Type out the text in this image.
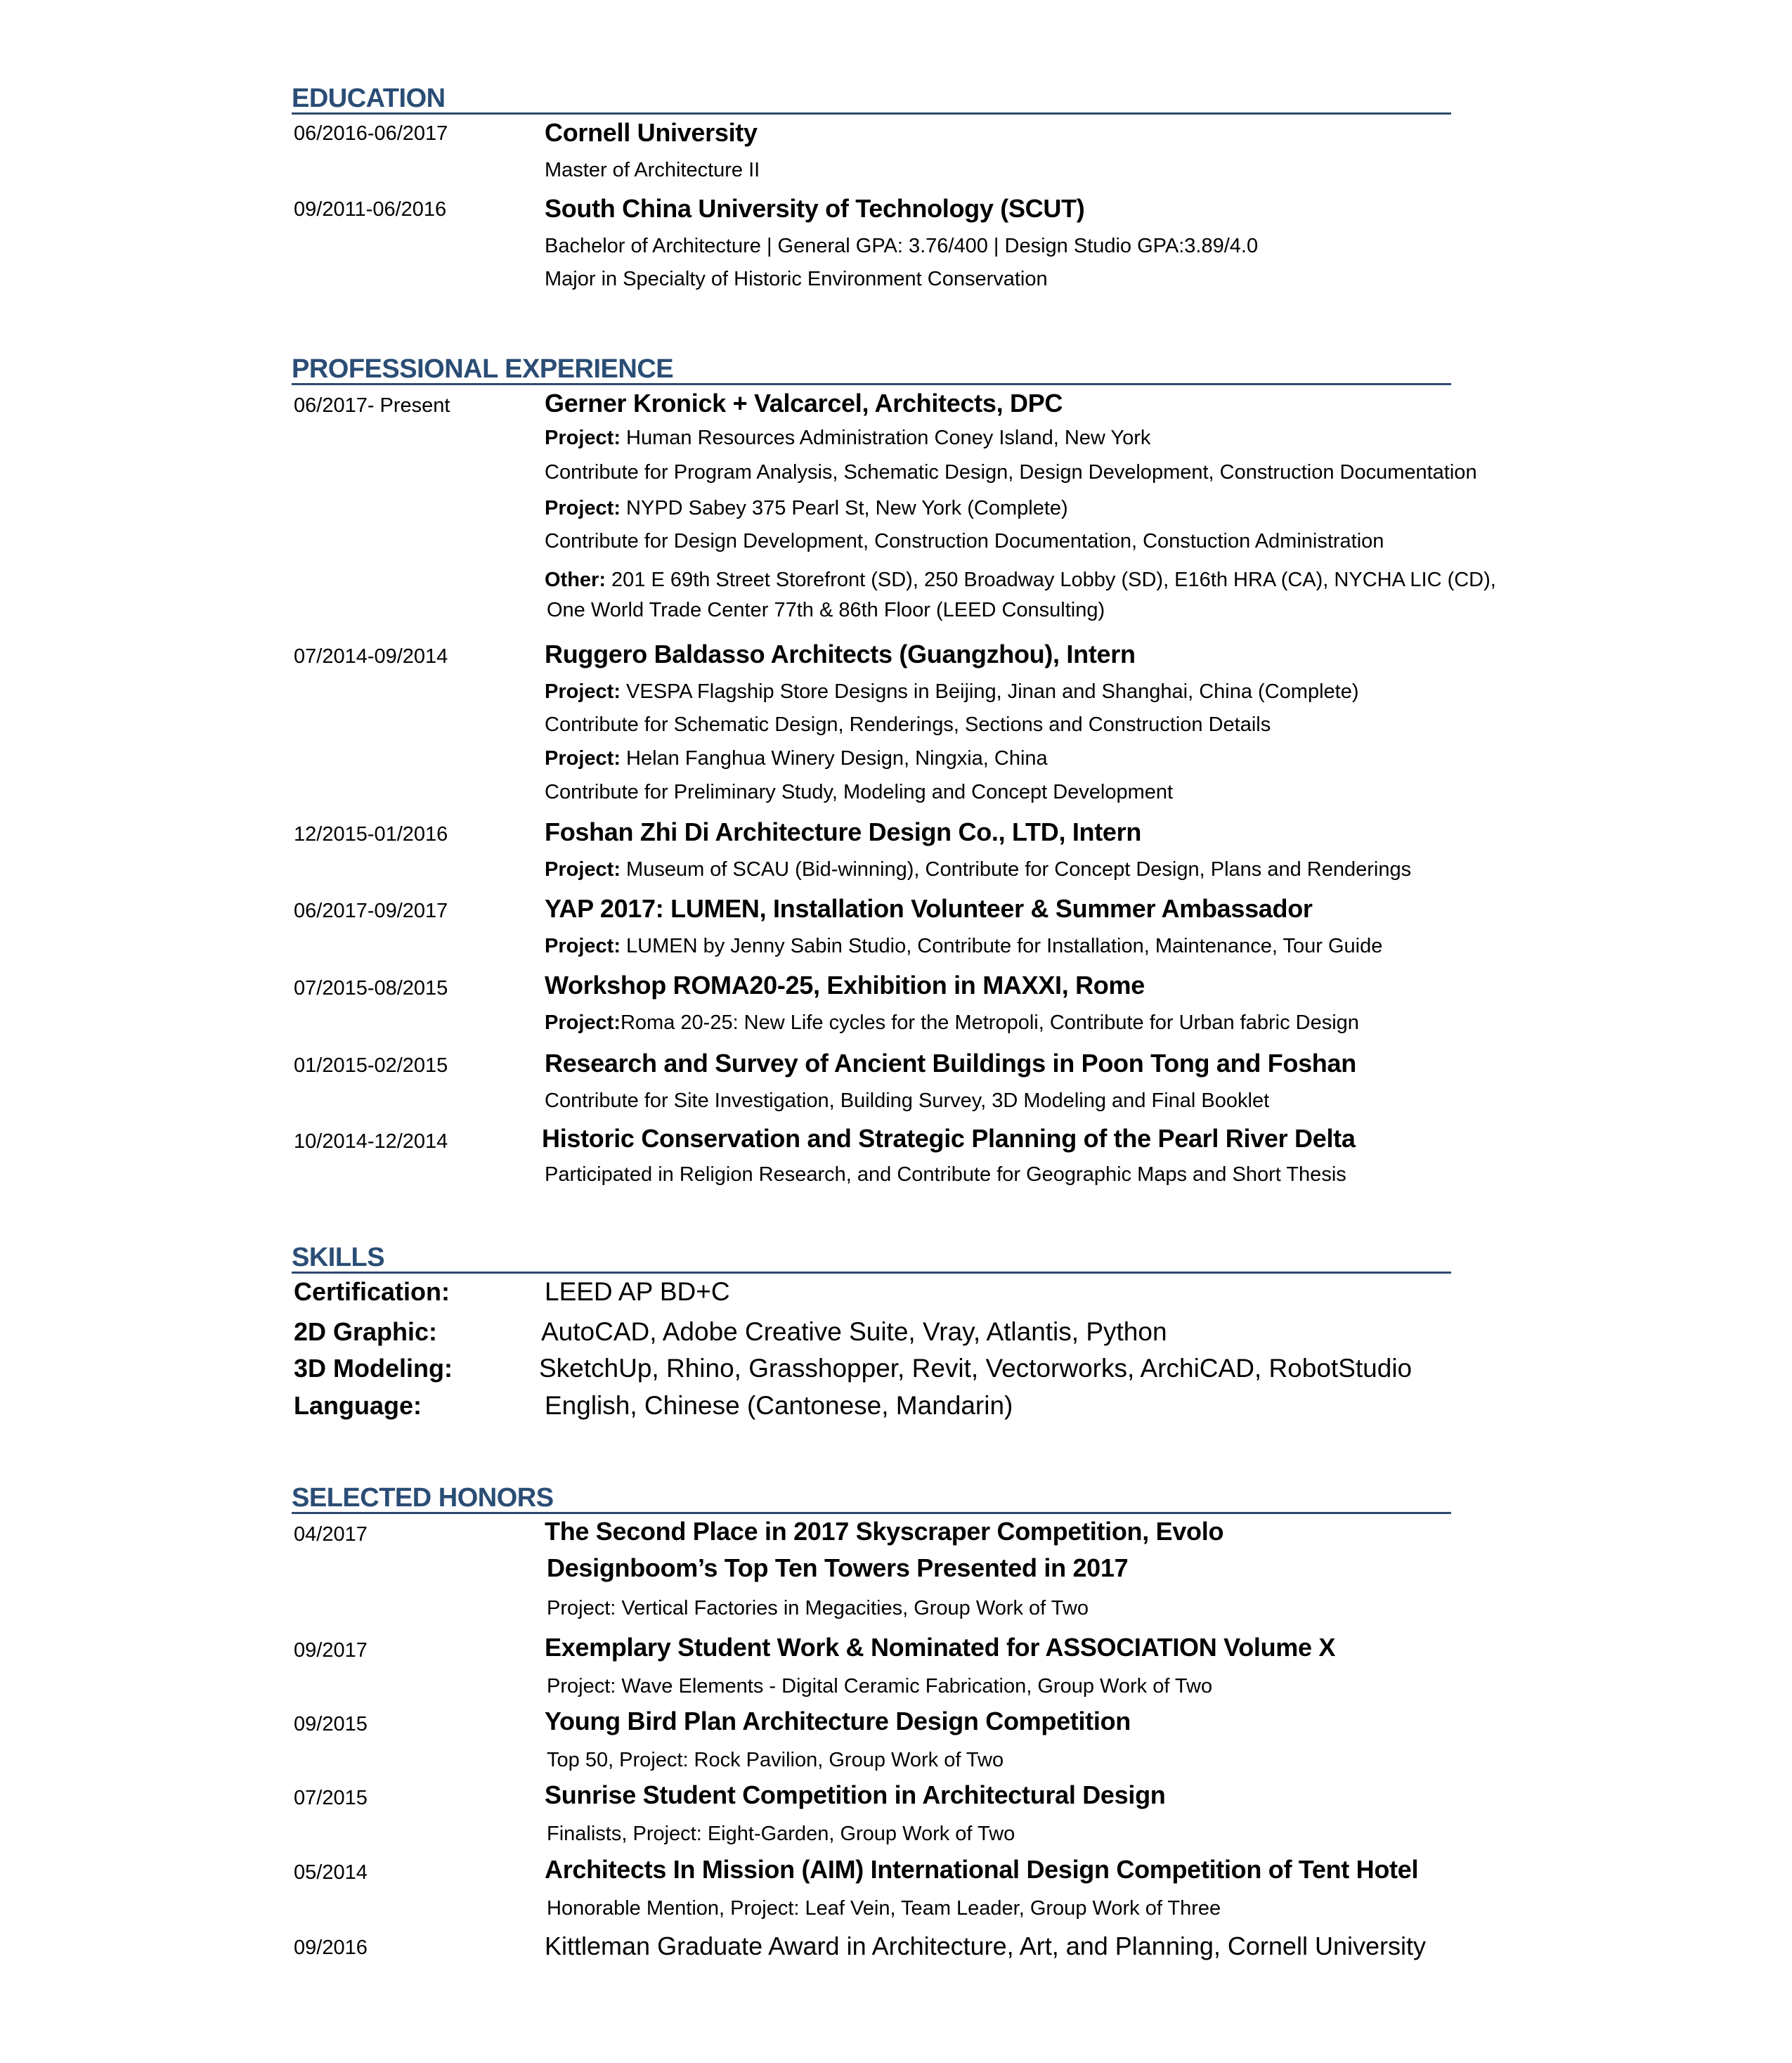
EDUCATION
06/2016-06/2017	Cornell University
Master of Architecture II
09/2011-06/2016	South China University of Technology (SCUT)
Bachelor of Architecture | General GPA: 3.76/400 | Design Studio GPA:3.89/4.0
Major in Specialty of Historic Environment Conservation
PROFESSIONAL EXPERIENCE
06/2017- Present	Gerner Kronick + Valcarcel, Architects, DPC
Project: Human Resources Administration Coney Island, New York
Contribute for Program Analysis, Schematic Design, Design Development, Construction Documentation
Project: NYPD Sabey 375 Pearl St, New York (Complete)
Contribute for Design Development, Construction Documentation, Constuction Administration
Other: 201 E 69th Street Storefront (SD), 250 Broadway Lobby (SD), E16th HRA (CA), NYCHA LIC (CD),
One World Trade Center 77th & 86th Floor (LEED Consulting)
07/2014-09/2014	Ruggero Baldasso Architects (Guangzhou), Intern
Project: VESPA Flagship Store Designs in Beijing, Jinan and Shanghai, China (Complete)
Contribute for Schematic Design, Renderings, Sections and Construction Details
Project: Helan Fanghua Winery Design, Ningxia, China
Contribute for Preliminary Study, Modeling and Concept Development
12/2015-01/2016	Foshan Zhi Di Architecture Design Co., LTD, Intern
Project: Museum of SCAU (Bid-winning), Contribute for Concept Design, Plans and Renderings
06/2017-09/2017	YAP 2017: LUMEN, Installation Volunteer & Summer Ambassador
Project: LUMEN by Jenny Sabin Studio, Contribute for Installation, Maintenance, Tour Guide
07/2015-08/2015	Workshop ROMA20-25, Exhibition in MAXXI, Rome
Project:Roma 20-25: New Life cycles for the Metropoli, Contribute for Urban fabric Design
01/2015-02/2015	Research and Survey of Ancient Buildings in Poon Tong and Foshan
Contribute for Site Investigation, Building Survey, 3D Modeling and Final Booklet
10/2014-12/2014	Historic Conservation and Strategic Planning of the Pearl River Delta
Participated in Religion Research, and Contribute for Geographic Maps and Short Thesis
SKILLS
Certification:	LEED AP BD+C
2D Graphic:	AutoCAD, Adobe Creative Suite, Vray, Atlantis, Python
3D Modeling:	SketchUp, Rhino, Grasshopper, Revit, Vectorworks, ArchiCAD, RobotStudio
Language:	English, Chinese (Cantonese, Mandarin)
SELECTED HONORS
04/2017	The Second Place in 2017 Skyscraper Competition, Evolo
Designboom’s Top Ten Towers Presented in 2017
Project: Vertical Factories in Megacities, Group Work of Two
09/2017	Exemplary Student Work & Nominated for ASSOCIATION Volume X
Project: Wave Elements - Digital Ceramic Fabrication, Group Work of Two
09/2015	Young Bird Plan Architecture Design Competition
Top 50, Project: Rock Pavilion, Group Work of Two
07/2015	Sunrise Student Competition in Architectural Design
Finalists, Project: Eight-Garden, Group Work of Two
05/2014	Architects In Mission (AIM) International Design Competition of Tent Hotel
Honorable Mention, Project: Leaf Vein, Team Leader, Group Work of Three
09/2016	Kittleman Graduate Award in Architecture, Art, and Planning, Cornell University
